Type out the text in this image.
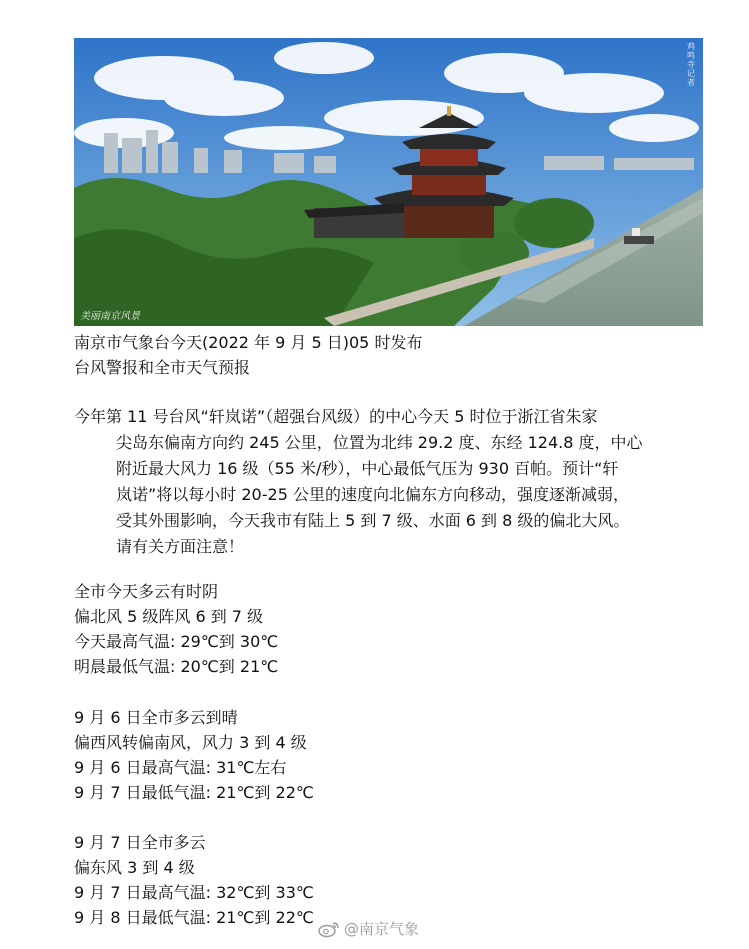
鸡鸣寺记者
美丽南京风景
南京市气象台今天(2022 年 9 月 5 日)05 时发布
台风警报和全市天气预报
今年第 11 号台风“轩岚诺”（超强台风级）的中心今天 5 时位于浙江省朱家
尖岛东偏南方向约 245 公里，位置为北纬 29.2 度、东经 124.8 度，中心
附近最大风力 16 级（55 米/秒），中心最低气压为 930 百帕。预计“轩
岚诺”将以每小时 20-25 公里的速度向北偏东方向移动，强度逐渐减弱，
受其外围影响，今天我市有陆上 5 到 7 级、水面 6 到 8 级的偏北大风。
请有关方面注意！
全市今天多云有时阴
偏北风 5 级阵风 6 到 7 级
今天最高气温: 29℃到 30℃
明晨最低气温: 20℃到 21℃
9 月 6 日全市多云到晴
偏西风转偏南风，风力 3 到 4 级
9 月 6 日最高气温: 31℃左右
9 月 7 日最低气温: 21℃到 22℃
9 月 7 日全市多云
偏东风 3 到 4 级
9 月 7 日最高气温: 32℃到 33℃
9 月 8 日最低气温: 21℃到 22℃
@南京气象
